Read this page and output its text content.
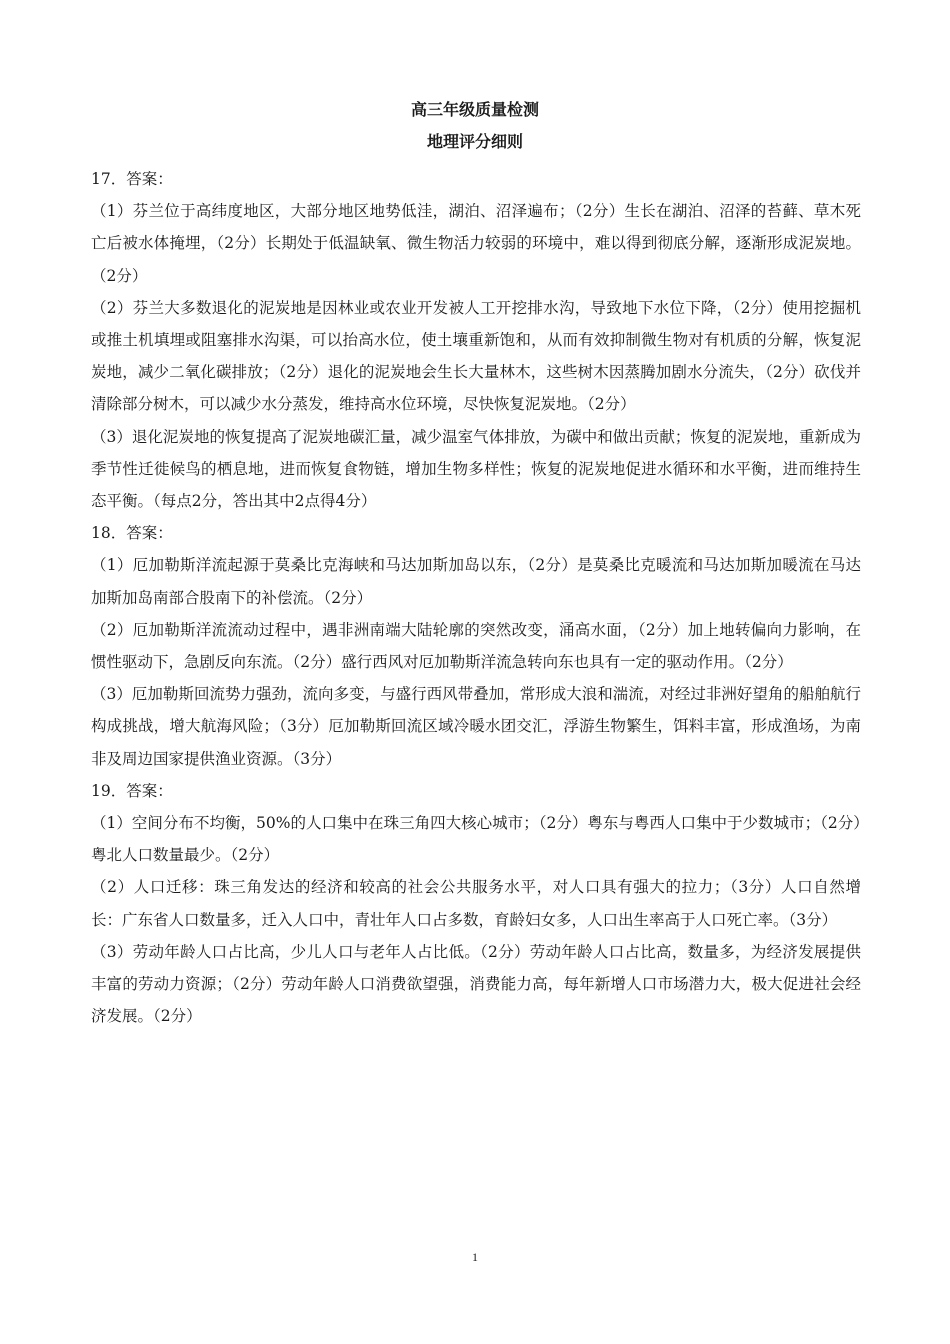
高三年级质量检测
地理评分细则

17．答案：

（1）芬兰位于高纬度地区，大部分地区地势低洼，湖泊、沼泽遍布；（2分）生长在湖泊、沼泽的苔藓、草木死亡后被水体掩埋，（2分）长期处于低温缺氧、微生物活力较弱的环境中，难以得到彻底分解，逐渐形成泥炭地。（2分）

（2）芬兰大多数退化的泥炭地是因林业或农业开发被人工开挖排水沟，导致地下水位下降，（2分）使用挖掘机或推土机填埋或阻塞排水沟渠，可以抬高水位，使土壤重新饱和，从而有效抑制微生物对有机质的分解，恢复泥炭地，减少二氧化碳排放；（2分）退化的泥炭地会生长大量林木，这些树木因蒸腾加剧水分流失，（2分）砍伐并清除部分树木，可以减少水分蒸发，维持高水位环境，尽快恢复泥炭地。（2分）

（3）退化泥炭地的恢复提高了泥炭地碳汇量，减少温室气体排放，为碳中和做出贡献；恢复的泥炭地，重新成为季节性迁徙候鸟的栖息地，进而恢复食物链，增加生物多样性；恢复的泥炭地促进水循环和水平衡，进而维持生态平衡。（每点2分，答出其中2点得4分）

18．答案：

（1）厄加勒斯洋流起源于莫桑比克海峡和马达加斯加岛以东，（2分）是莫桑比克暖流和马达加斯加暖流在马达加斯加岛南部合股南下的补偿流。（2分）

（2）厄加勒斯洋流流动过程中，遇非洲南端大陆轮廓的突然改变，涌高水面，（2分）加上地转偏向力影响，在惯性驱动下，急剧反向东流。（2分）盛行西风对厄加勒斯洋流急转向东也具有一定的驱动作用。（2分）

（3）厄加勒斯回流势力强劲，流向多变，与盛行西风带叠加，常形成大浪和湍流，对经过非洲好望角的船舶航行构成挑战，增大航海风险；（3分）厄加勒斯回流区域冷暖水团交汇，浮游生物繁生，饵料丰富，形成渔场，为南非及周边国家提供渔业资源。（3分）

19．答案：

（1）空间分布不均衡，50%的人口集中在珠三角四大核心城市；（2分）粤东与粤西人口集中于少数城市；（2分）粤北人口数量最少。（2分）

（2）人口迁移：珠三角发达的经济和较高的社会公共服务水平，对人口具有强大的拉力；（3分）人口自然增长：广东省人口数量多，迁入人口中，青壮年人口占多数，育龄妇女多，人口出生率高于人口死亡率。（3分）

（3）劳动年龄人口占比高，少儿人口与老年人占比低。（2分）劳动年龄人口占比高，数量多，为经济发展提供丰富的劳动力资源；（2分）劳动年龄人口消费欲望强，消费能力高，每年新增人口市场潜力大，极大促进社会经济发展。（2分）

1
